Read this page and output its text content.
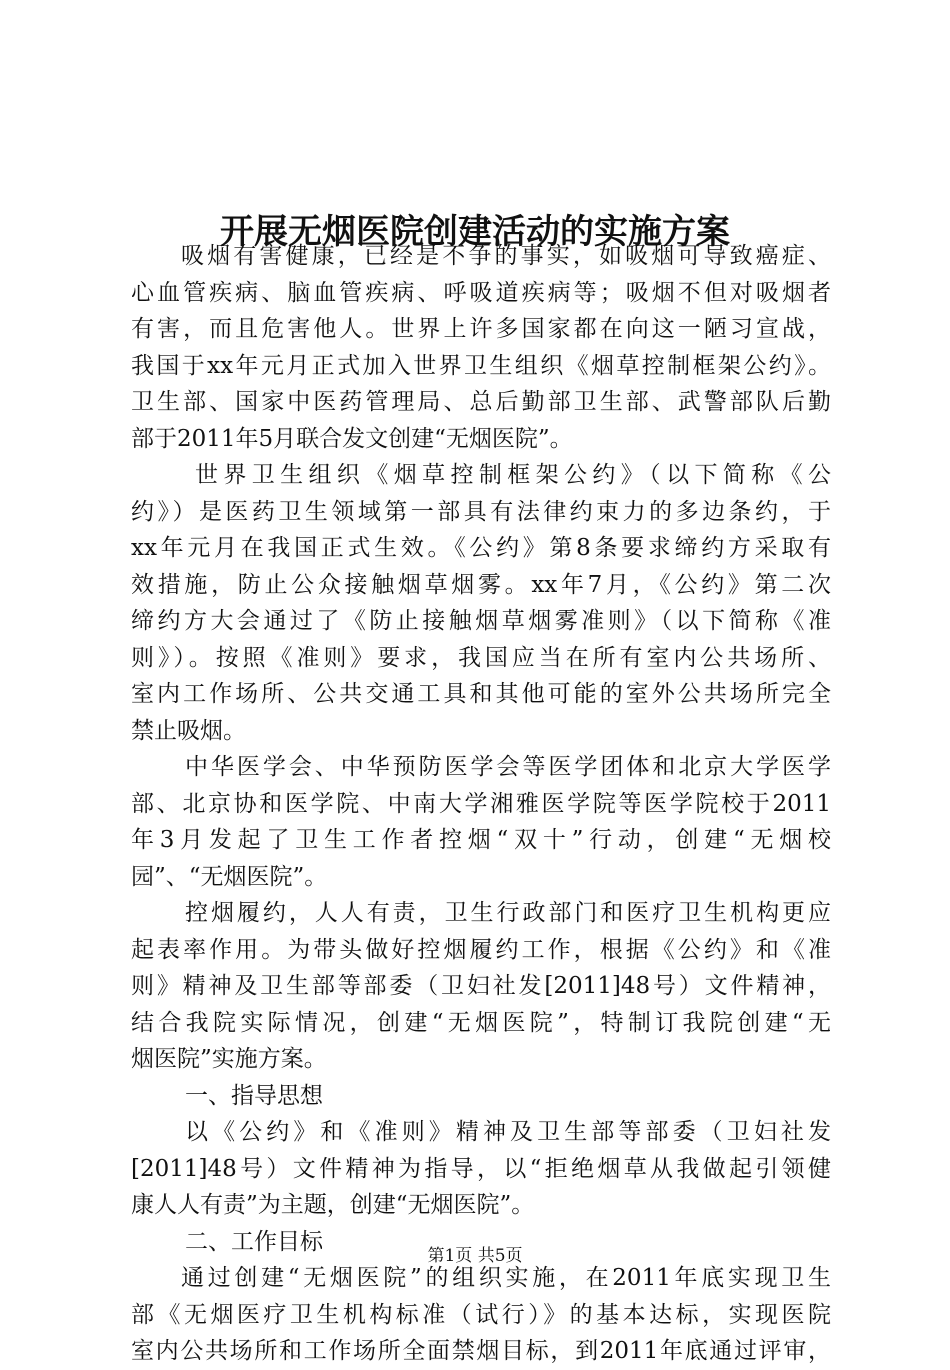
开展无烟医院创建活动的实施方案
吸烟有害健康，已经是不争的事实，如吸烟可导致癌症、
心血管疾病、脑血管疾病、呼吸道疾病等；吸烟不但对吸烟者
有害，而且危害他人。世界上许多国家都在向这一陋习宣战，
我国于xx年元月正式加入世界卫生组织《烟草控制框架公约》。
卫生部、国家中医药管理局、总后勤部卫生部、武警部队后勤
部于2011年5月联合发文创建“无烟医院”。
世界卫生组织《烟草控制框架公约》（以下简称《公
约》）是医药卫生领域第一部具有法律约束力的多边条约，于
xx年元月在我国正式生效。《公约》第8条要求缔约方采取有
效措施，防止公众接触烟草烟雾。xx年7月，《公约》第二次
缔约方大会通过了《防止接触烟草烟雾准则》（以下简称《准
则》）。按照《准则》要求，我国应当在所有室内公共场所、
室内工作场所、公共交通工具和其他可能的室外公共场所完全
禁止吸烟。
中华医学会、中华预防医学会等医学团体和北京大学医学
部、北京协和医学院、中南大学湘雅医学院等医学院校于2011
年3月发起了卫生工作者控烟“双十”行动，创建“无烟校
园”、“无烟医院”。
控烟履约，人人有责，卫生行政部门和医疗卫生机构更应
起表率作用。为带头做好控烟履约工作，根据《公约》和《准
则》精神及卫生部等部委（卫妇社发[2011]48号）文件精神，
结合我院实际情况，创建“无烟医院”，特制订我院创建“无
烟医院”实施方案。
一、指导思想
以《公约》和《准则》精神及卫生部等部委（卫妇社发
[2011]48号）文件精神为指导，以“拒绝烟草从我做起引领健
康人人有责”为主题，创建“无烟医院”。
二、工作目标
通过创建“无烟医院”的组织实施，在2011年底实现卫生
部《无烟医疗卫生机构标准（试行）》的基本达标，实现医院
室内公共场所和工作场所全面禁烟目标，到2011年底通过评审，
第1页 共5页
